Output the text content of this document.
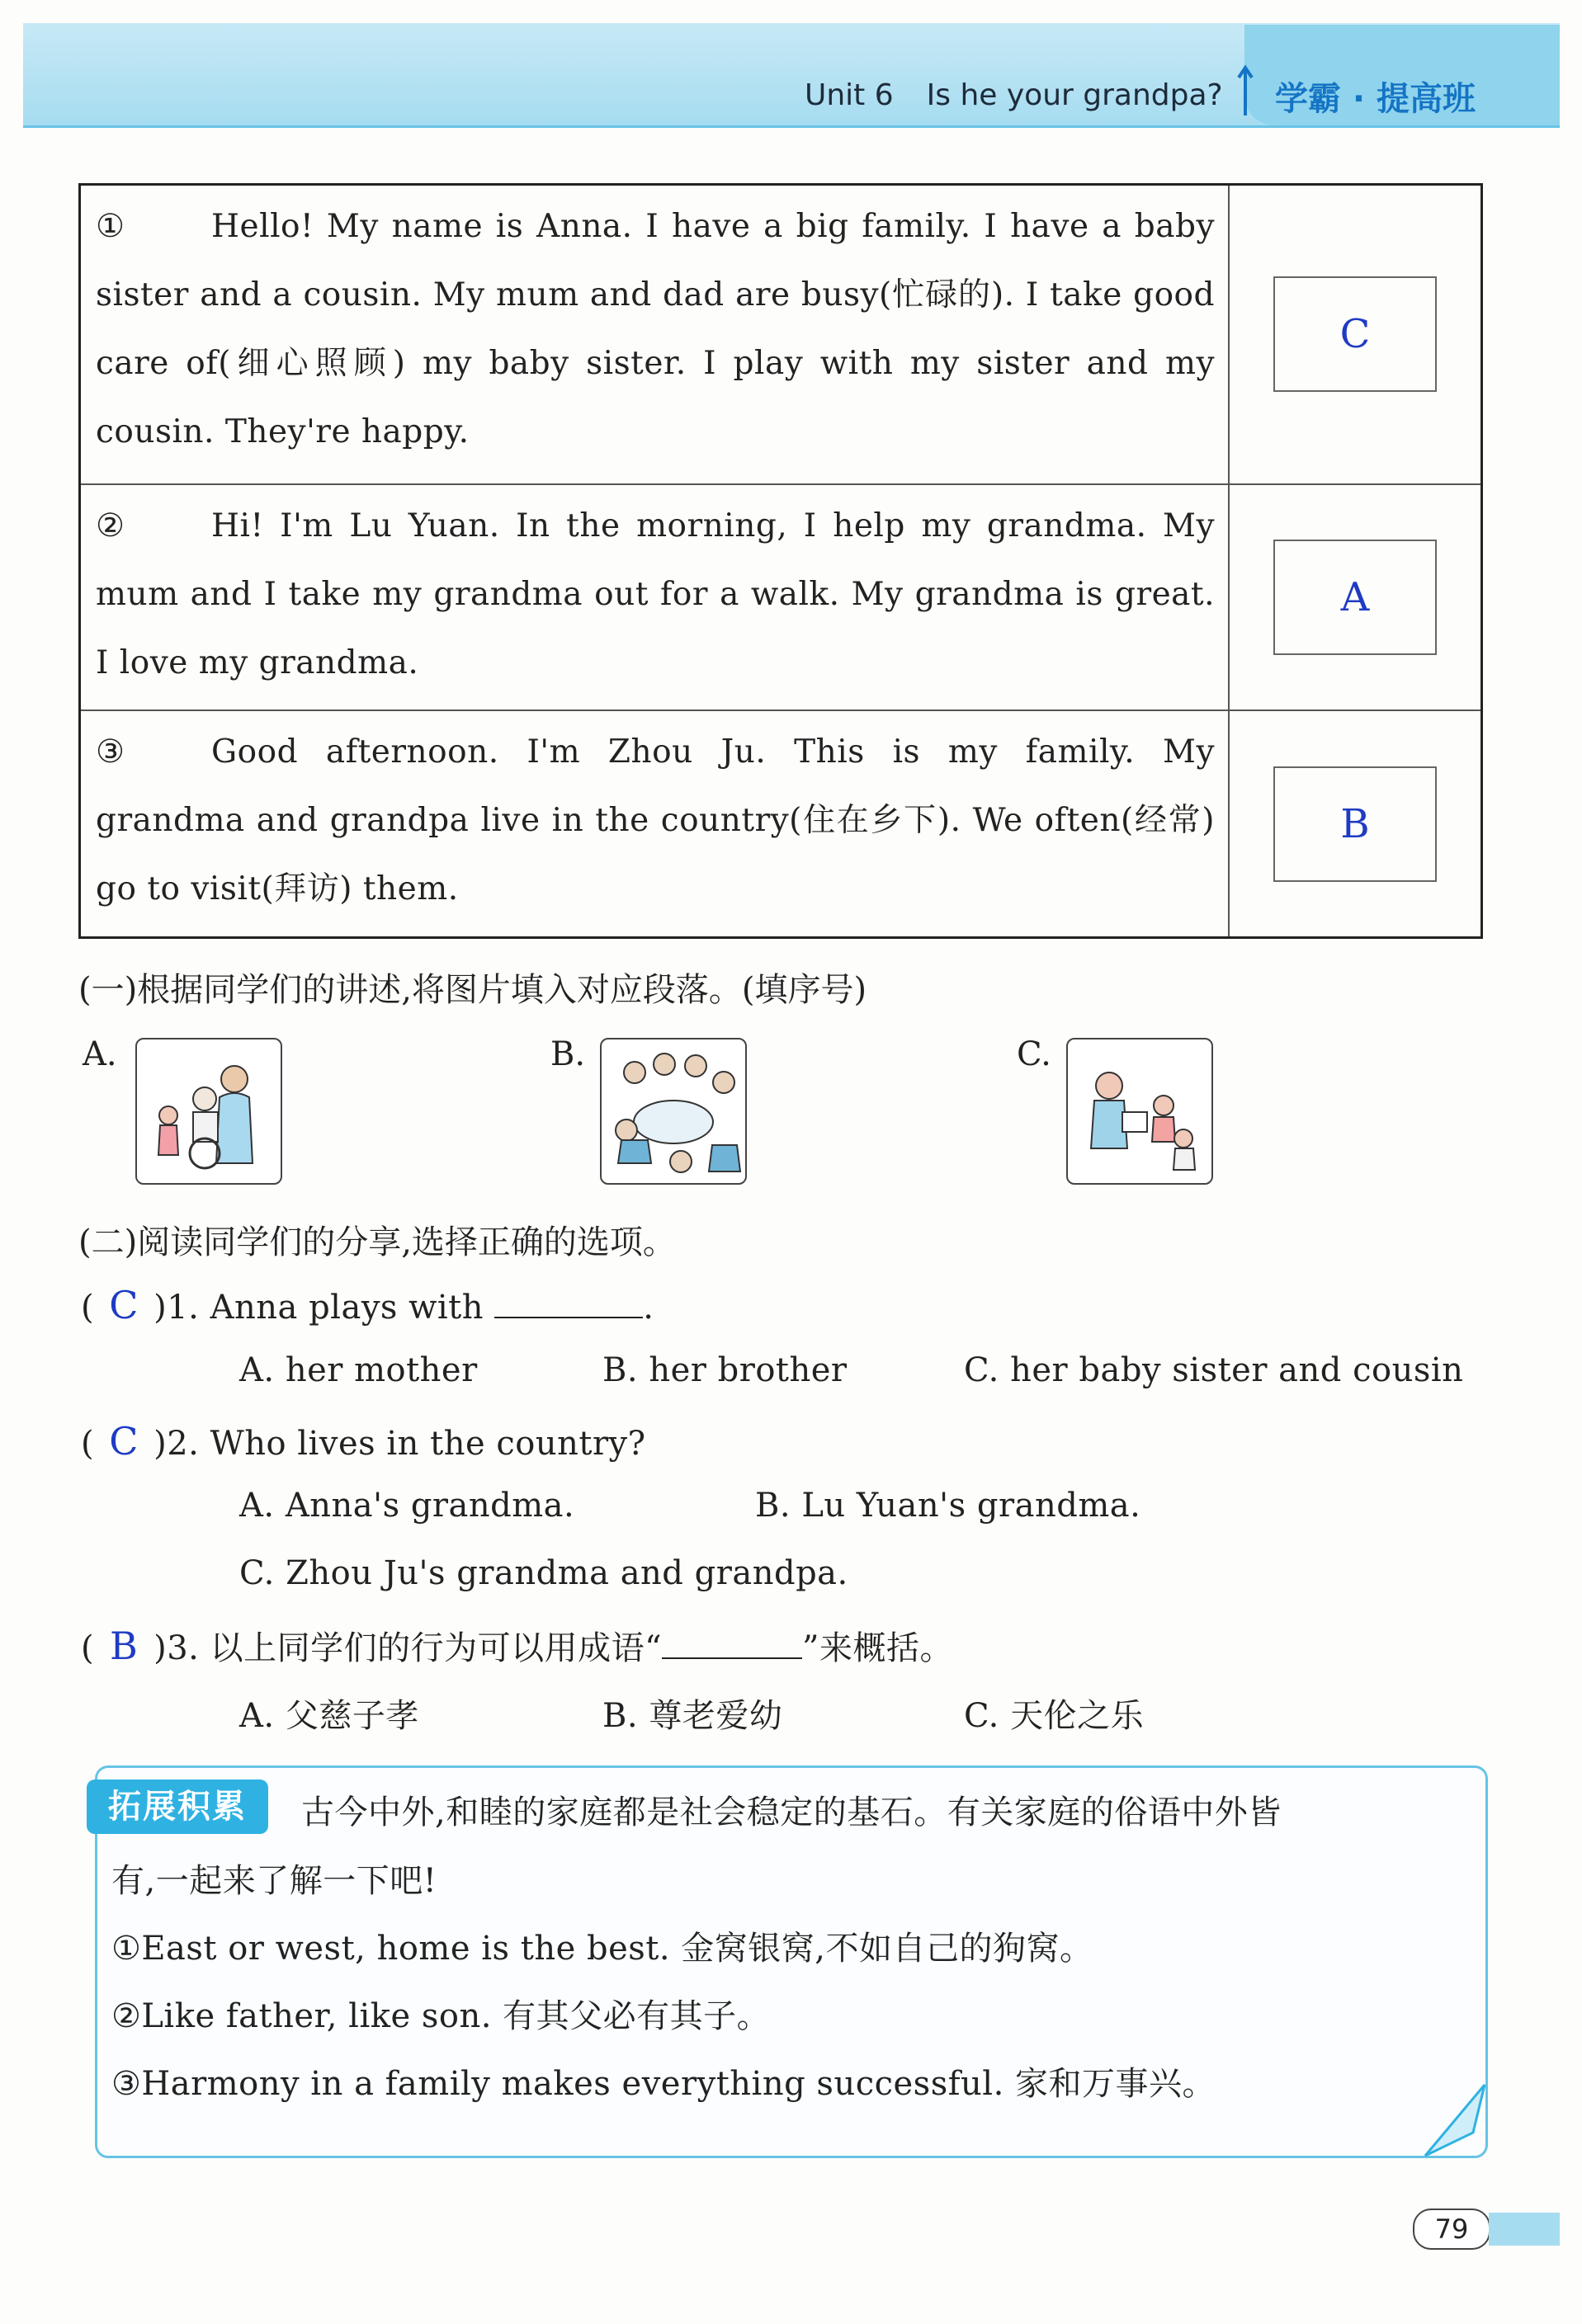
Unit 6 Is he your grandpa?	学霸 · 提高班
① Hello! My name is Anna. I have a big family. I have a baby sister and a cousin. My mum and dad are busy(忙碌的). I take good care of(细心照顾) my baby sister. I play with my sister and my cousin. They're happy.	C
② Hi! I'm Lu Yuan. In the morning, I help my grandma. My mum and I take my grandma out for a walk. My grandma is great. I love my grandma.	A
③ Good afternoon. I'm Zhou Ju. This is my family. My grandma and grandpa live in the country(住在乡下). We often(经常) go to visit(拜访) them.	B
(一)根据同学们的讲述,将图片填入对应段落。(填序号)
A.	B.	C.
(二)阅读同学们的分享,选择正确的选项。
( C )1. Anna plays with	.
A. her mother	B. her brother	C. her baby sister and cousin
( C )2. Who lives in the country?
A. Anna's grandma.	B. Lu Yuan's grandma.
C. Zhou Ju's grandma and grandpa.
( B )3. 以上同学们的行为可以用成语“	”来概括。
A. 父慈子孝	B. 尊老爱幼	C. 天伦之乐
拓展积累	古今中外,和睦的家庭都是社会稳定的基石。有关家庭的俗语中外皆
有,一起来了解一下吧!
①East or west, home is the best. 金窝银窝,不如自己的狗窝。
②Like father, like son. 有其父必有其子。
③Harmony in a family makes everything successful. 家和万事兴。
79
